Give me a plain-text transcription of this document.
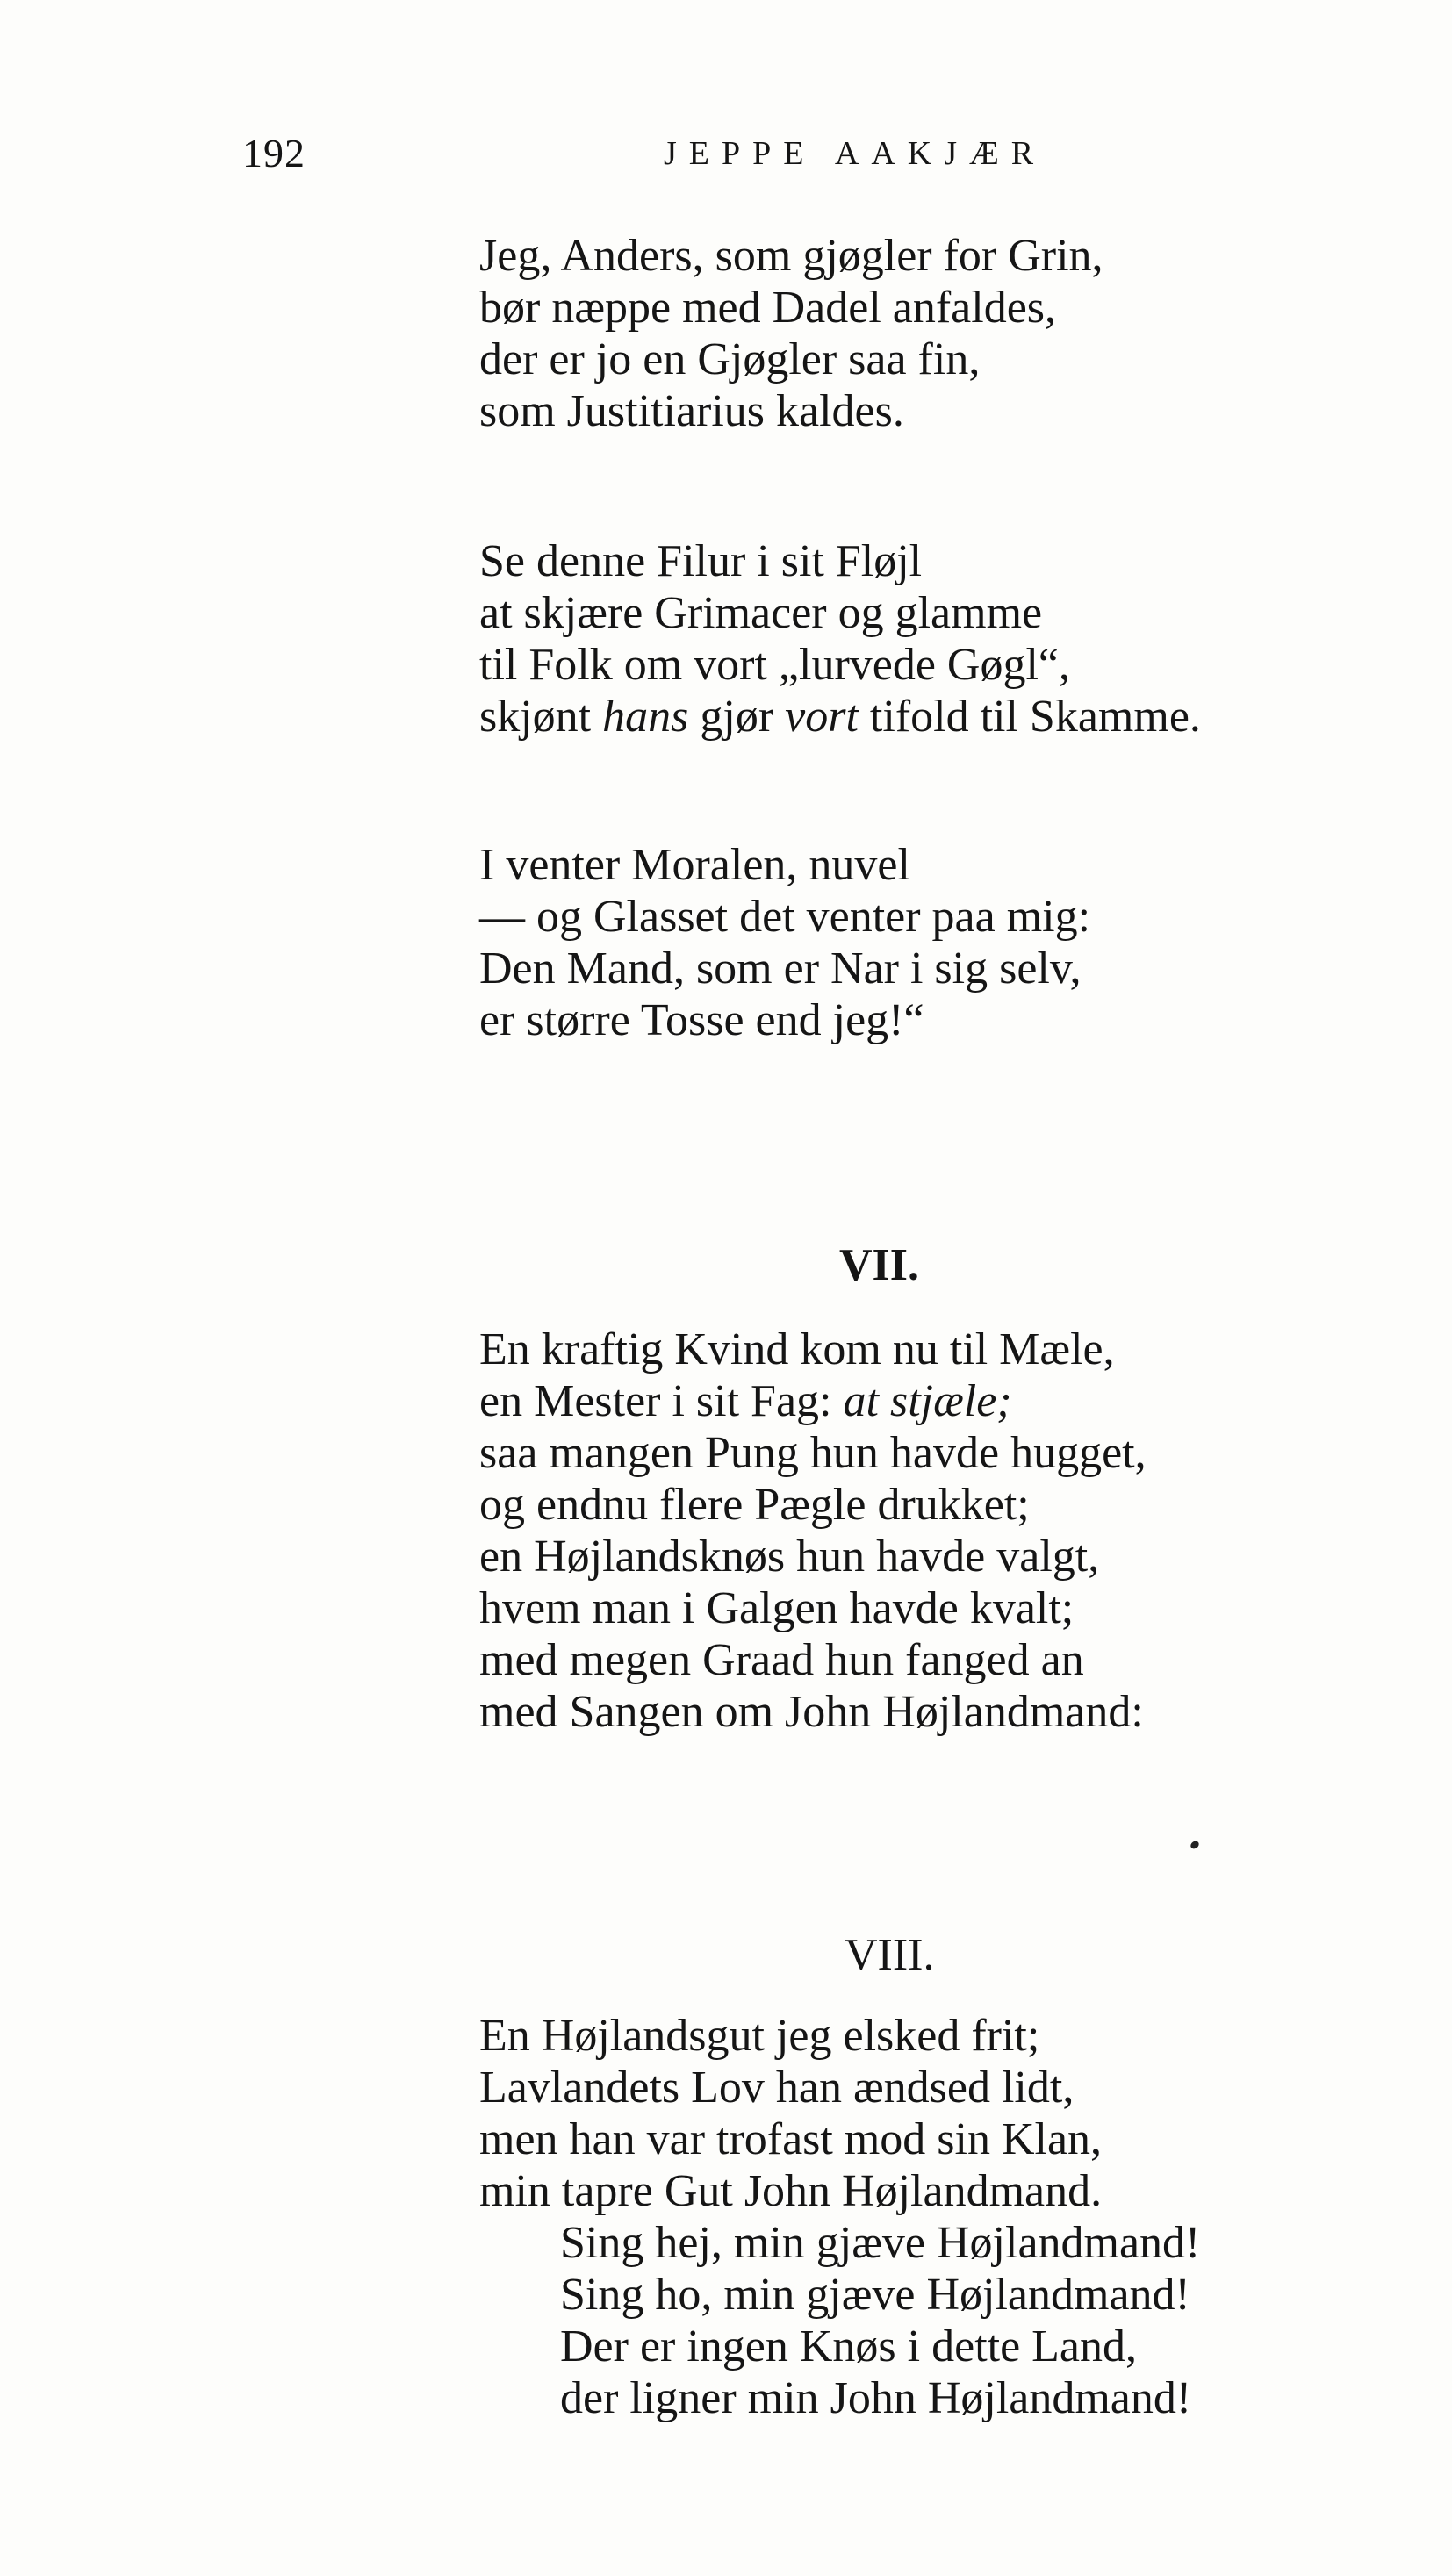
192	JEPPE AAKJÆR
Jeg, Anders, som gjøgler for Grin,
bør næppe med Dadel anfaldes,
der er jo en Gjøgler saa fin,
som Justitiarius kaldes.
Se denne Filur i sit Fløjl
at skjære Grimacer og glamme
til Folk om vort „lurvede Gøgl“,
skjønt hans gjør vort tifold til Skamme.
I venter Moralen, nuvel
— og Glasset det venter paa mig:
Den Mand, som er Nar i sig selv,
er større Tosse end jeg!“
VII.
En kraftig Kvind kom nu til Mæle,
en Mester i sit Fag: at stjæle;
saa mangen Pung hun havde hugget,
og endnu flere Pægle drukket;
en Højlandsknøs hun havde valgt,
hvem man i Galgen havde kvalt;
med megen Graad hun fanged an
med Sangen om John Højlandmand:
VIII.
En Højlandsgut jeg elsked frit;
Lavlandets Lov han ændsed lidt,
men han var trofast mod sin Klan,
min tapre Gut John Højlandmand.
Sing hej, min gjæve Højlandmand!
Sing ho, min gjæve Højlandmand!
Der er ingen Knøs i dette Land,
der ligner min John Højlandmand!
